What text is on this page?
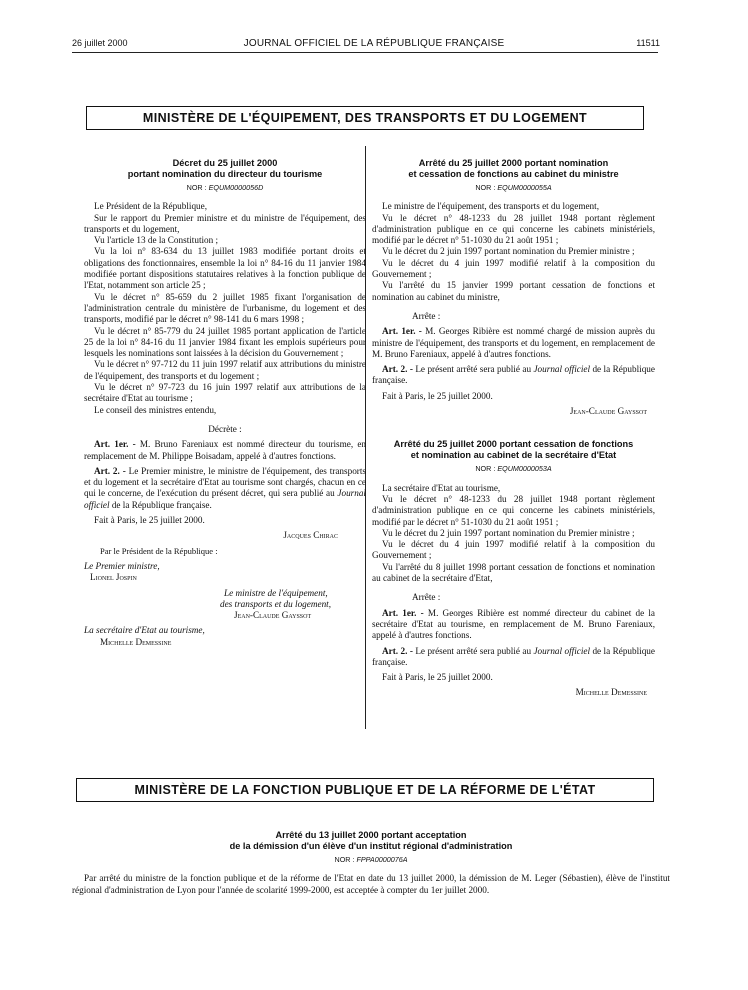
26 juillet 2000	JOURNAL OFFICIEL DE LA RÉPUBLIQUE FRANÇAISE	11511
MINISTÈRE DE L'ÉQUIPEMENT, DES TRANSPORTS ET DU LOGEMENT
Décret du 25 juillet 2000
portant nomination du directeur du tourisme
NOR : EQUM0000056D

Le Président de la République,

Sur le rapport du Premier ministre et du ministre de l'équipement, des transports et du logement,

Vu l'article 13 de la Constitution ;

Vu la loi n° 83-634 du 13 juillet 1983 modifiée portant droits et obligations des fonctionnaires, ensemble la loi n° 84-16 du 11 janvier 1984 modifiée portant dispositions statutaires relatives à la fonction publique de l'Etat, notamment son article 25 ;

Vu le décret n° 85-659 du 2 juillet 1985 fixant l'organisation de l'administration centrale du ministère de l'urbanisme, du logement et des transports, modifié par le décret n° 98-141 du 6 mars 1998 ;

Vu le décret n° 85-779 du 24 juillet 1985 portant application de l'article 25 de la loi n° 84-16 du 11 janvier 1984 fixant les emplois supérieurs pour lesquels les nominations sont laissées à la décision du Gouvernement ;

Vu le décret n° 97-712 du 11 juin 1997 relatif aux attributions du ministre de l'équipement, des transports et du logement ;

Vu le décret n° 97-723 du 16 juin 1997 relatif aux attributions de la secrétaire d'Etat au tourisme ;

Le conseil des ministres entendu,

Décrète :

Art. 1er. - M. Bruno Fareniaux est nommé directeur du tourisme, en remplacement de M. Philippe Boisadam, appelé à d'autres fonctions.

Art. 2. - Le Premier ministre, le ministre de l'équipement, des transports et du logement et la secrétaire d'Etat au tourisme sont chargés, chacun en ce qui le concerne, de l'exécution du présent décret, qui sera publié au Journal officiel de la République française.

Fait à Paris, le 25 juillet 2000.

Jacques Chirac

Par le Président de la République :

Le Premier ministre,

Lionel Jospin

Le ministre de l'équipement,

des transports et du logement,

Jean-Claude Gayssot

La secrétaire d'Etat au tourisme,

Michelle Demessine

Arrêté du 25 juillet 2000 portant nomination
et cessation de fonctions au cabinet du ministre
NOR : EQUM0000055A

Le ministre de l'équipement, des transports et du logement,

Vu le décret n° 48-1233 du 28 juillet 1948 portant règlement d'administration publique en ce qui concerne les cabinets ministériels, modifié par le décret n° 51-1030 du 21 août 1951 ;

Vu le décret du 2 juin 1997 portant nomination du Premier ministre ;

Vu le décret du 4 juin 1997 modifié relatif à la composition du Gouvernement ;

Vu l'arrêté du 15 janvier 1999 portant cessation de fonctions et nomination au cabinet du ministre,

Arrête :

Art. 1er. - M. Georges Ribière est nommé chargé de mission auprès du ministre de l'équipement, des transports et du logement, en remplacement de M. Bruno Fareniaux, appelé à d'autres fonctions.

Art. 2. - Le présent arrêté sera publié au Journal officiel de la République française.

Fait à Paris, le 25 juillet 2000.

Jean-Claude Gayssot

Arrêté du 25 juillet 2000 portant cessation de fonctions
et nomination au cabinet de la secrétaire d'Etat
NOR : EQUM0000053A

La secrétaire d'Etat au tourisme,

Vu le décret n° 48-1233 du 28 juillet 1948 portant règlement d'administration publique en ce qui concerne les cabinets ministériels, modifié par le décret n° 51-1030 du 21 août 1951 ;

Vu le décret du 2 juin 1997 portant nomination du Premier ministre ;

Vu le décret du 4 juin 1997 modifié relatif à la composition du Gouvernement ;

Vu l'arrêté du 8 juillet 1998 portant cessation de fonctions et nomination au cabinet de la secrétaire d'Etat,

Arrête :

Art. 1er. - M. Georges Ribière est nommé directeur du cabinet de la secrétaire d'Etat au tourisme, en remplacement de M. Bruno Fareniaux, appelé à d'autres fonctions.

Art. 2. - Le présent arrêté sera publié au Journal officiel de la République française.

Fait à Paris, le 25 juillet 2000.

Michelle Demessine

MINISTÈRE DE LA FONCTION PUBLIQUE ET DE LA RÉFORME DE L'ÉTAT
Arrêté du 13 juillet 2000 portant acceptation
de la démission d'un élève d'un institut régional d'administration
NOR : FPPA0000076A

Par arrêté du ministre de la fonction publique et de la réforme de l'Etat en date du 13 juillet 2000, la démission de M. Leger (Sébastien), élève de l'institut régional d'administration de Lyon pour l'année de scolarité 1999-2000, est acceptée à compter du 1er juillet 2000.
